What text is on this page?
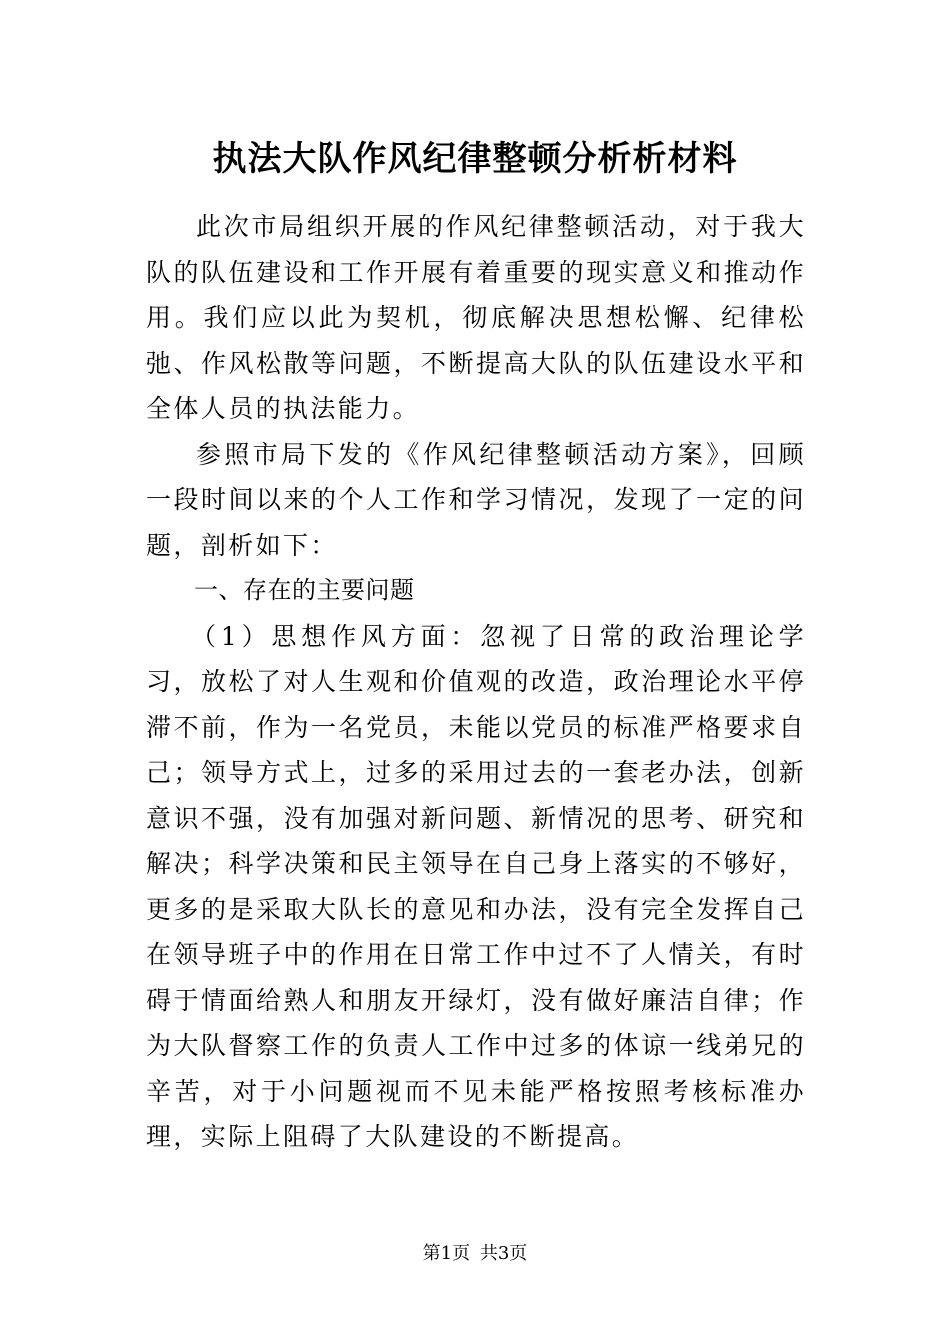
执法大队作风纪律整顿分析析材料

此次市局组织开展的作风纪律整顿活动，对于我大队的队伍建设和工作开展有着重要的现实意义和推动作用。我们应以此为契机，彻底解决思想松懈、纪律松弛、作风松散等问题，不断提高大队的队伍建设水平和全体人员的执法能力。

参照市局下发的《作风纪律整顿活动方案》，回顾一段时间以来的个人工作和学习情况，发现了一定的问题，剖析如下：

一、存在的主要问题

（1）思想作风方面：忽视了日常的政治理论学习，放松了对人生观和价值观的改造，政治理论水平停滞不前，作为一名党员，未能以党员的标准严格要求自己；领导方式上，过多的采用过去的一套老办法，创新意识不强，没有加强对新问题、新情况的思考、研究和解决；科学决策和民主领导在自己身上落实的不够好，更多的是采取大队长的意见和办法，没有完全发挥自己在领导班子中的作用在日常工作中过不了人情关，有时碍于情面给熟人和朋友开绿灯，没有做好廉洁自律；作为大队督察工作的负责人工作中过多的体谅一线弟兄的辛苦，对于小问题视而不见未能严格按照考核标准办理，实际上阻碍了大队建设的不断提高。

第1页 共3页
